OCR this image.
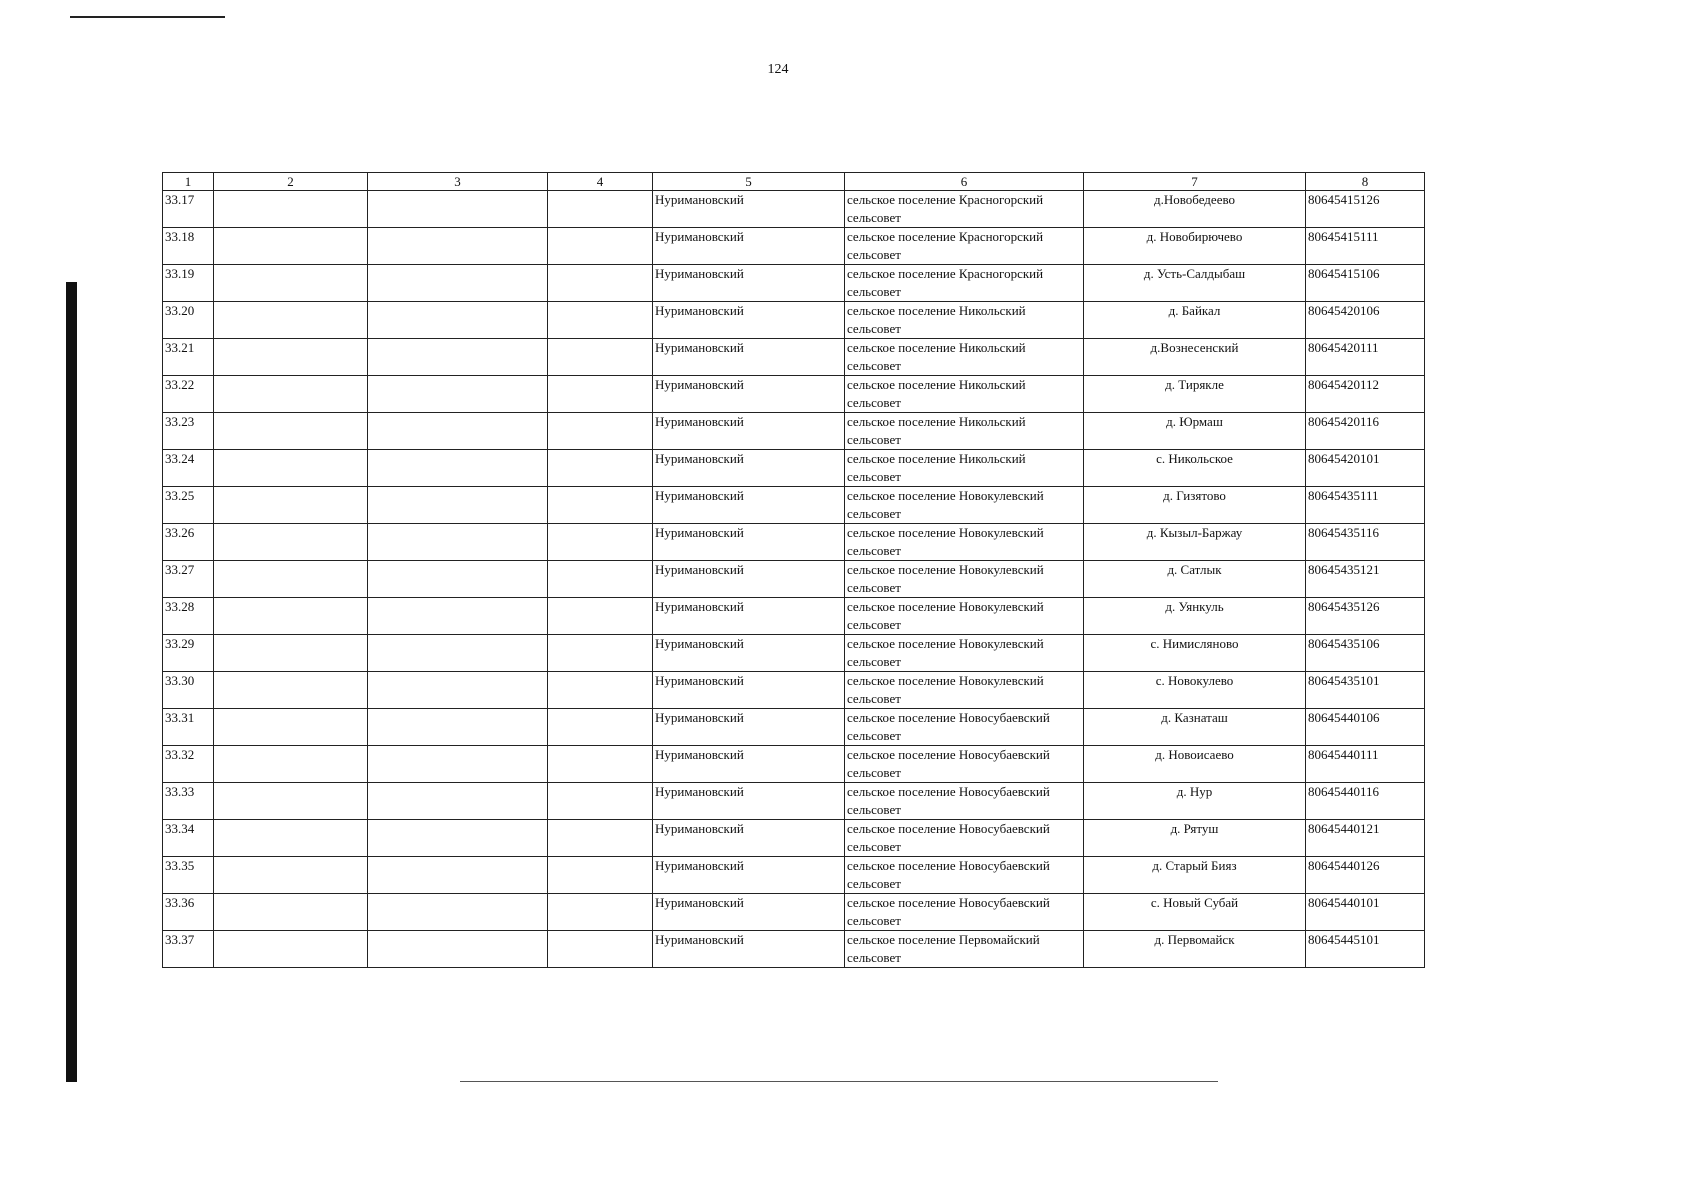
124
1	2	3	4	5	6	7	8
33.17				Нуримановский	сельское поселение Красногорский сельсовет	д.Новобедеево	80645415126
33.18				Нуримановский	сельское поселение Красногорский сельсовет	д. Новобирючево	80645415111
33.19				Нуримановский	сельское поселение Красногорский сельсовет	д. Усть-Салдыбаш	80645415106
33.20				Нуримановский	сельское поселение Никольский сельсовет	д. Байкал	80645420106
33.21				Нуримановский	сельское поселение Никольский сельсовет	д.Вознесенский	80645420111
33.22				Нуримановский	сельское поселение Никольский сельсовет	д. Тирякле	80645420112
33.23				Нуримановский	сельское поселение Никольский сельсовет	д. Юрмаш	80645420116
33.24				Нуримановский	сельское поселение Никольский сельсовет	с. Никольское	80645420101
33.25				Нуримановский	сельское поселение Новокулевский сельсовет	д. Гизятово	80645435111
33.26				Нуримановский	сельское поселение Новокулевский сельсовет	д. Кызыл-Баржау	80645435116
33.27				Нуримановский	сельское поселение Новокулевский сельсовет	д. Сатлык	80645435121
33.28				Нуримановский	сельское поселение Новокулевский сельсовет	д. Уянкуль	80645435126
33.29				Нуримановский	сельское поселение Новокулевский сельсовет	с. Нимисляново	80645435106
33.30				Нуримановский	сельское поселение Новокулевский сельсовет	с. Новокулево	80645435101
33.31				Нуримановский	сельское поселение Новосубаевский сельсовет	д. Казнаташ	80645440106
33.32				Нуримановский	сельское поселение Новосубаевский сельсовет	д. Новоисаево	80645440111
33.33				Нуримановский	сельское поселение Новосубаевский сельсовет	д. Нур	80645440116
33.34				Нуримановский	сельское поселение Новосубаевский сельсовет	д. Рятуш	80645440121
33.35				Нуримановский	сельское поселение Новосубаевский сельсовет	д. Старый Бияз	80645440126
33.36				Нуримановский	сельское поселение Новосубаевский сельсовет	с. Новый Субай	80645440101
33.37				Нуримановский	сельское поселение Первомайский сельсовет	д. Первомайск	80645445101
